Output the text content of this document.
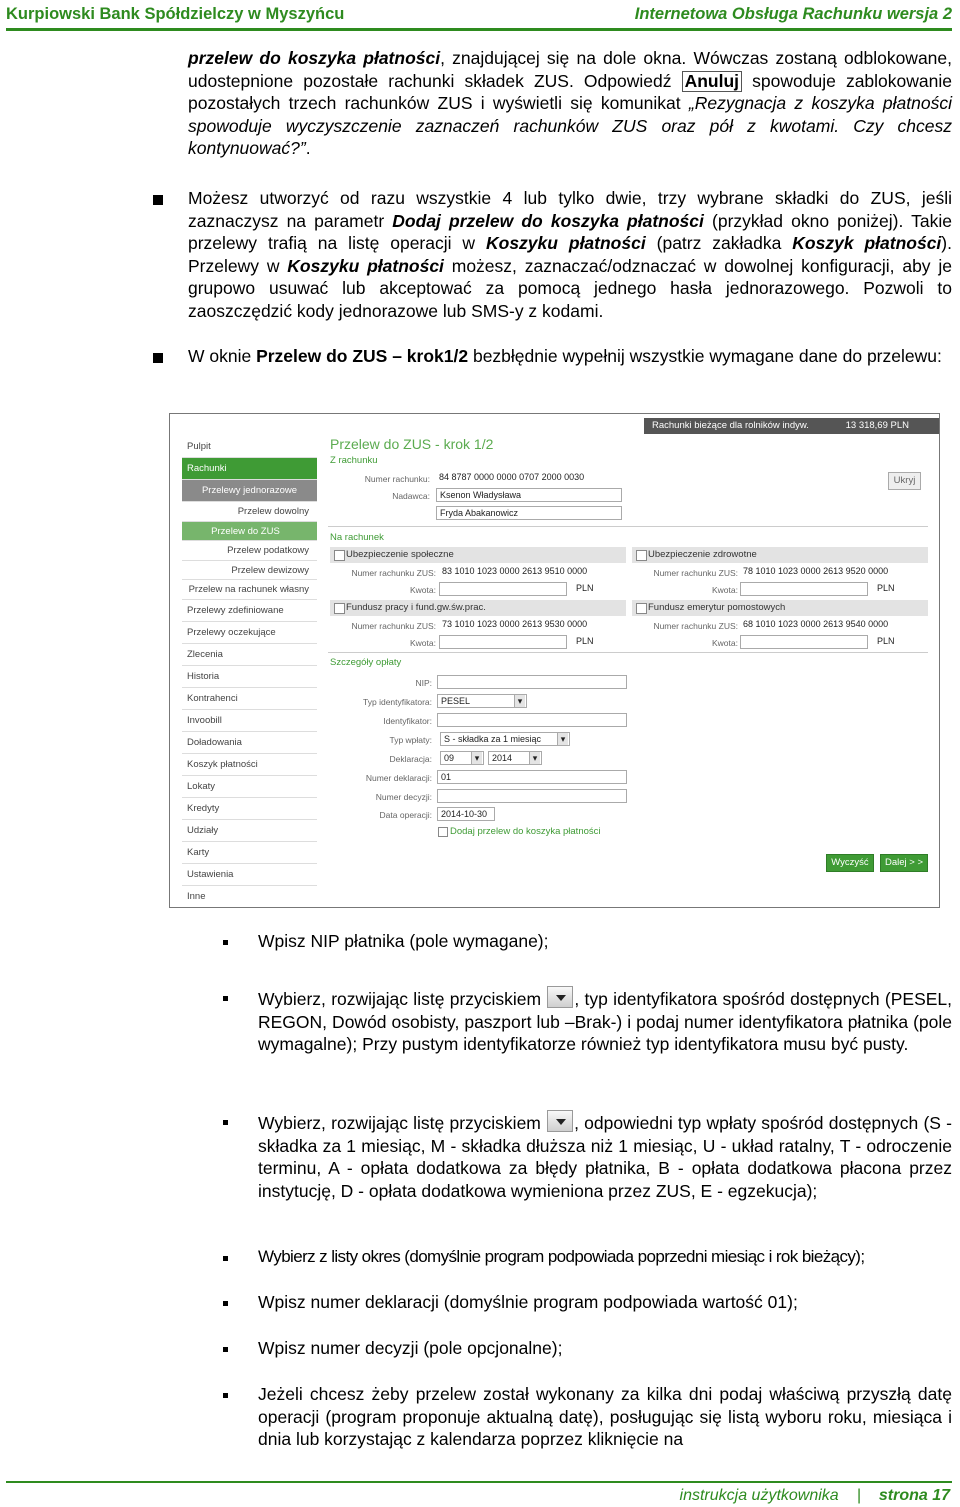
Kurpiowski Bank Spółdzielczy w Myszyńcu	Internetowa Obsługa Rachunku wersja 2
przelew do koszyka płatności, znajdującej się na dole okna. Wówczas zostaną odblokowane, udostepnione pozostałe rachunki składek ZUS. Odpowiedź Anuluj spowoduje zablokowanie pozostałych trzech rachunków ZUS i wyświetli się komunikat „Rezygnacja z koszyka płatności spowoduje wyczyszczenie zaznaczeń rachunków ZUS oraz pół z kwotami. Czy chcesz kontynuować?”.
Możesz utworzyć od razu wszystkie 4 lub tylko dwie, trzy wybrane składki do ZUS, jeśli zaznaczysz na parametr Dodaj przelew do koszyka płatności (przykład okno poniżej). Takie przelewy trafią na listę operacji w Koszyku płatności (patrz zakładka Koszyk płatności). Przelewy w Koszyku płatności możesz, zaznaczać/odznaczać w dowolnej konfiguracji, aby je grupowo usuwać lub akceptować za pomocą jednego hasła jednorazowego. Pozwoli to zaoszczędzić kody jednorazowe lub SMS-y z kodami.
W oknie Przelew do ZUS – krok1/2 bezbłędnie wypełnij wszystkie wymagane dane do przelewu:
Rachunki bieżące dla rolników indyw.	13 318,69 PLN
Pulpit
Rachunki
Przelewy jednorazowe
Przelew dowolny
Przelew do ZUS
Przelew podatkowy
Przelew dewizowy
Przelew na rachunek własny
Przelewy zdefiniowane
Przelewy oczekujące
Zlecenia
Historia
Kontrahenci
Invoobill
Doładowania
Koszyk płatności
Lokaty
Kredyty
Udziały
Karty
Ustawienia
Inne
Przelew do ZUS - krok 1/2
Z rachunku
Numer rachunku:	84 8787 0000 0000 0707 2000 0030
Nadawca:	Ksenon Władysława
Fryda Abakanowicz
Ukryj
Na rachunek
Ubezpieczenie społeczne
Numer rachunku ZUS: 83 1010 1023 0000 2613 9510 0000
Kwota:	PLN
Ubezpieczenie zdrowotne
Numer rachunku ZUS: 78 1010 1023 0000 2613 9520 0000
Kwota:	PLN
Fundusz pracy i fund.gw.św.prac.
Numer rachunku ZUS: 73 1010 1023 0000 2613 9530 0000
Kwota:	PLN
Fundusz emerytur pomostowych
Numer rachunku ZUS: 68 1010 1023 0000 2613 9540 0000
Kwota:	PLN
Szczegóły opłaty
NIP:
Typ identyfikatora:	PESEL ▾
Identyfikator:
Typ wpłaty:	S - składka za 1 miesiąc ▾
Deklaracja:	09 ▾	2014 ▾
Numer deklaracji:	01
Numer decyzji:
Data operacji:	2014-10-30
Dodaj przelew do koszyka płatności
Wyczyść	Dalej > >
Wpisz NIP płatnika (pole wymagane);
Wybierz, rozwijając listę przyciskiem , typ identyfikatora spośród dostępnych (PESEL, REGON, Dowód osobisty, paszport lub –Brak-) i podaj numer identyfikatora płatnika (pole wymagalne); Przy pustym identyfikatorze również typ identyfikatora musu być pusty.
Wybierz, rozwijając listę przyciskiem , odpowiedni typ wpłaty spośród dostępnych (S -składka za 1 miesiąc, M - składka dłuższa niż 1 miesiąc, U - układ ratalny, T - odroczenie terminu, A - opłata dodatkowa za błędy płatnika, B - opłata dodatkowa płacona przez instytucję, D - opłata dodatkowa wymieniona przez ZUS, E - egzekucja);
Wybierz z listy okres (domyślnie program podpowiada poprzedni miesiąc i rok bieżący);
Wpisz numer deklaracji (domyślnie program podpowiada wartość 01);
Wpisz numer decyzji (pole opcjonalne);
Jeżeli chcesz żeby przelew został wykonany za kilka dni podaj właściwą przyszłą datę operacji (program proponuje aktualną datę), posługując się listą wyboru roku, miesiąca i dnia lub korzystając z kalendarza poprzez kliknięcie na
instrukcja użytkownika | strona 17
